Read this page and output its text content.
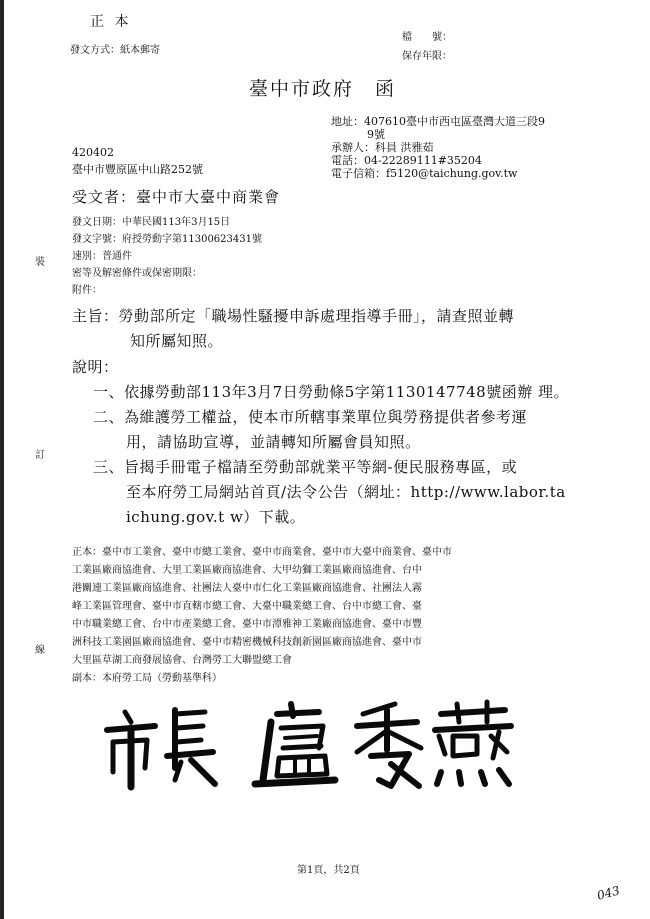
裝
訂
線
正 本
發文方式：紙本郵寄
檔　　號：
保存年限：
臺中市政府　函
地址：407610臺中市西屯區臺灣大道三段9
9號
承辦人：科員 洪雅茹
電話：04-22289111#35204
電子信箱：f5120@taichung.gov.tw
420402
臺中市豐原區中山路252號
受文者：臺中市大臺中商業會
發文日期：中華民國113年3月15日
發文字號：府授勞動字第11300623431號
速別：普通件
密等及解密條件或保密期限：
附件：
主旨：勞動部所定「職場性騷擾申訴處理指導手冊」，請查照並轉
知所屬知照。
說明：
一、依據勞動部113年3月7日勞動條5字第1130147748號函辦 理。
二、為維護勞工權益，使本市所轄事業單位與勞務提供者參考運
用，請協助宣導，並請轉知所屬會員知照。
三、旨揭手冊電子檔請至勞動部就業平等網-便民服務專區，或
至本府勞工局網站首頁/法令公告（網址：http://www.labor.ta
ichung.gov.t w）下載。
正本：臺中市工業會、臺中市總工業會、臺中市商業會、臺中市大臺中商業會、臺中市
工業區廠商協進會、大里工業區廠商協進會、大甲幼獅工業區廠商協進會、台中
港關連工業區廠商協進會、社團法人臺中市仁化工業區廠商協進會、社團法人霧
峰工業區管理會、臺中市直轄市總工會、大臺中職業總工會、台中市總工會、臺
中市職業總工會、台中市產業總工會、臺中市潭雅神工業廠商協進會、臺中市豐
洲科技工業園區廠商協進會、臺中市精密機械科技創新園區廠商協進會、臺中市
大里區草湖工商發展協會、台灣勞工大聯盟總工會
副本：本府勞工局（勞動基準科）
第1頁，共2頁
043
